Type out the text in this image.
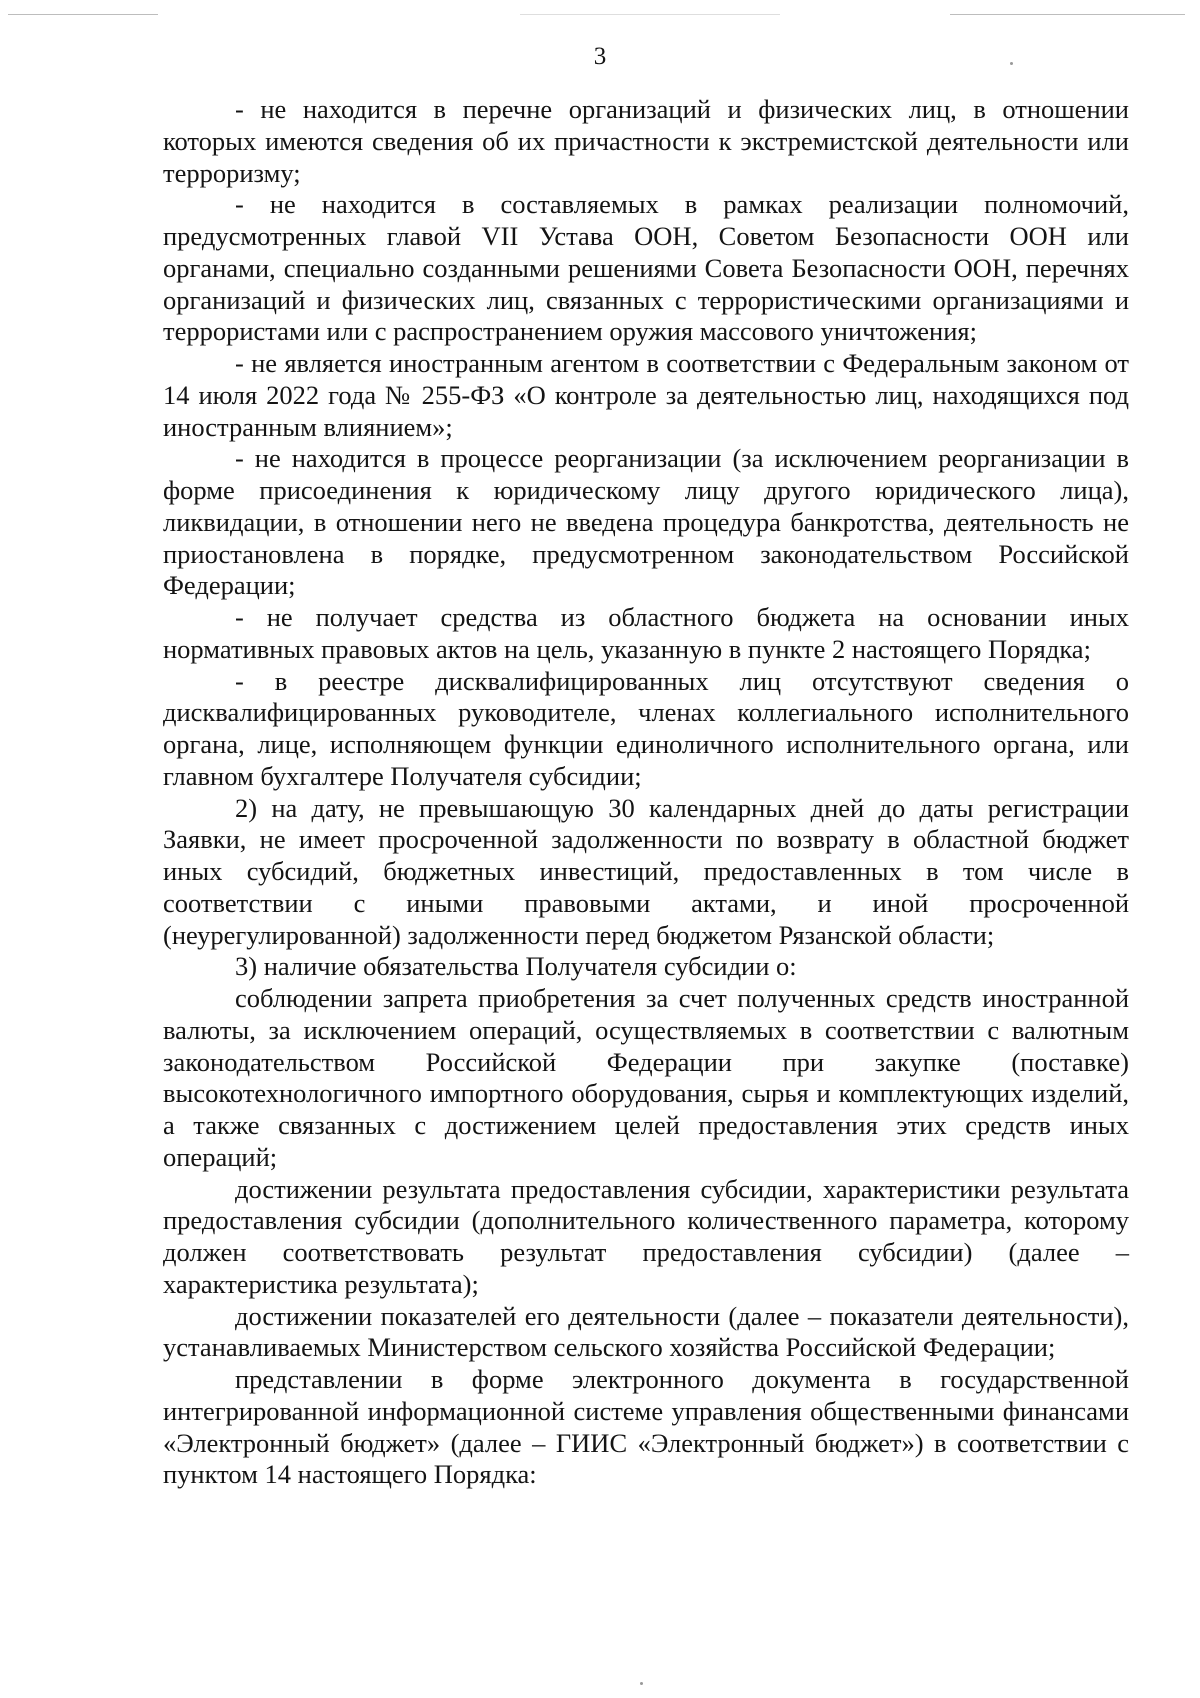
3

- не находится в перечне организаций и физических лиц, в отношении которых имеются сведения об их причастности к экстремистской деятельности или терроризму;

- не находится в составляемых в рамках реализации полномочий, предусмотренных главой VII Устава ООН, Советом Безопасности ООН или органами, специально созданными решениями Совета Безопасности ООН, перечнях организаций и физических лиц, связанных с террористическими организациями и террористами или с распространением оружия массового уничтожения;

- не является иностранным агентом в соответствии с Федеральным законом от 14 июля 2022 года № 255-ФЗ «О контроле за деятельностью лиц, находящихся под иностранным влиянием»;

- не находится в процессе реорганизации (за исключением реорганизации в форме присоединения к юридическому лицу другого юридического лица), ликвидации, в отношении него не введена процедура банкротства, деятельность не приостановлена в порядке, предусмотренном законодательством Российской Федерации;

- не получает средства из областного бюджета на основании иных нормативных правовых актов на цель, указанную в пункте 2 настоящего Порядка;

- в реестре дисквалифицированных лиц отсутствуют сведения о дисквалифицированных руководителе, членах коллегиального исполнительного органа, лице, исполняющем функции единоличного исполнительного органа, или главном бухгалтере Получателя субсидии;

2) на дату, не превышающую 30 календарных дней до даты регистрации Заявки, не имеет просроченной задолженности по возврату в областной бюджет иных субсидий, бюджетных инвестиций, предоставленных в том числе в соответствии с иными правовыми актами, и иной просроченной (неурегулированной) задолженности перед бюджетом Рязанской области;

3) наличие обязательства Получателя субсидии о:

соблюдении запрета приобретения за счет полученных средств иностранной валюты, за исключением операций, осуществляемых в соответствии с валютным законодательством Российской Федерации при закупке (поставке) высокотехнологичного импортного оборудования, сырья и комплектующих изделий, а также связанных с достижением целей предоставления этих средств иных операций;

достижении результата предоставления субсидии, характеристики результата предоставления субсидии (дополнительного количественного параметра, которому должен соответствовать результат предоставления субсидии) (далее – характеристика результата);

достижении показателей его деятельности (далее – показатели деятельности), устанавливаемых Министерством сельского хозяйства Российской Федерации;

представлении в форме электронного документа в государственной интегрированной информационной системе управления общественными финансами «Электронный бюджет» (далее – ГИИС «Электронный бюджет») в соответствии с пунктом 14 настоящего Порядка:
